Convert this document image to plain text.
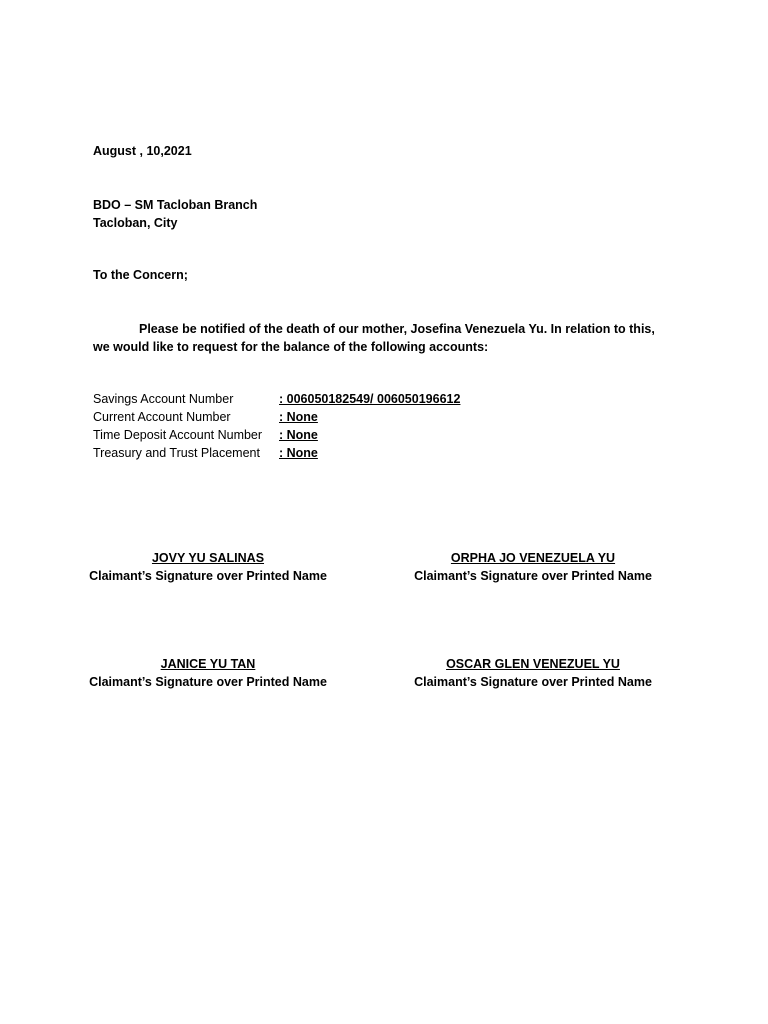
August , 10,2021
BDO – SM Tacloban Branch
Tacloban, City
To the Concern;
Please be notified of the death of our mother, Josefina Venezuela Yu. In relation to this, we would like to request for the balance of the following accounts:
Savings Account Number	: 006050182549/ 006050196612
Current Account Number	: None
Time Deposit Account Number : None
Treasury and Trust Placement : None
JOVY YU SALINAS
Claimant’s Signature over Printed Name
ORPHA JO VENEZUELA YU
Claimant’s Signature over Printed Name
JANICE YU TAN
Claimant’s Signature over Printed Name
OSCAR GLEN VENEZUEL YU
Claimant’s Signature over Printed Name
